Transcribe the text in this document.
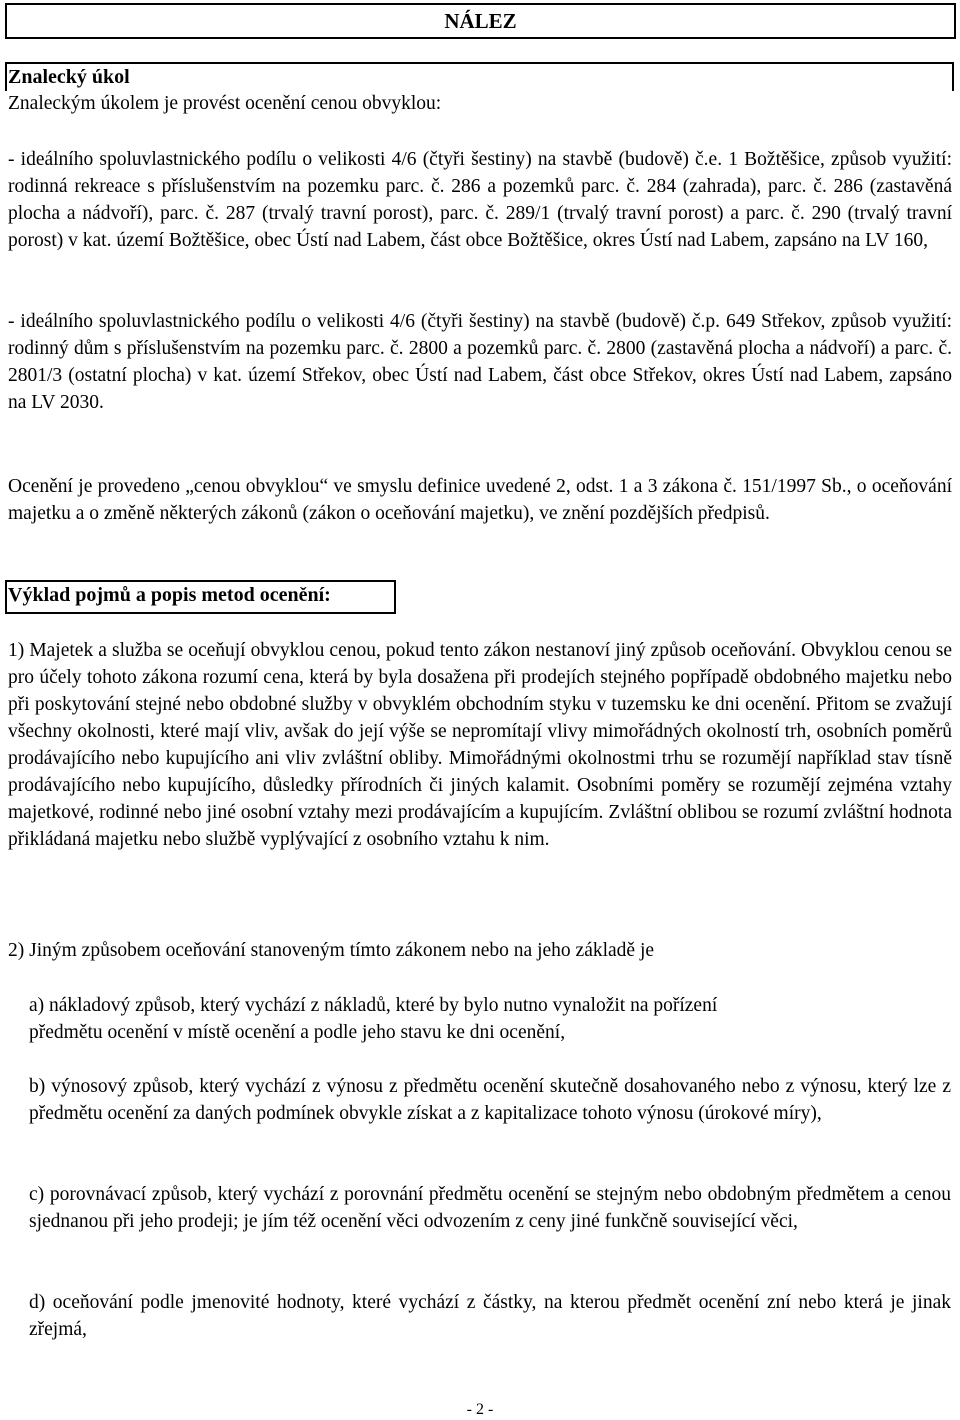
NÁLEZ
Znalecký úkol
Znaleckým úkolem je provést ocenění cenou obvyklou:
- ideálního spoluvlastnického podílu o velikosti 4/6 (čtyři šestiny) na stavbě (budově) č.e. 1 Božtěšice, způsob využití: rodinná rekreace s příslušenstvím na pozemku parc. č. 286 a pozemků parc. č. 284 (zahrada), parc. č. 286 (zastavěná plocha a nádvoří), parc. č. 287 (trvalý travní porost), parc. č. 289/1 (trvalý travní porost) a parc. č. 290 (trvalý travní porost) v kat. území Božtěšice, obec Ústí nad Labem, část obce Božtěšice, okres Ústí nad Labem, zapsáno na LV 160,
- ideálního spoluvlastnického podílu o velikosti 4/6 (čtyři šestiny) na stavbě (budově) č.p. 649 Střekov, způsob využití: rodinný dům s příslušenstvím na pozemku parc. č. 2800 a pozemků parc. č. 2800 (zastavěná plocha a nádvoří) a parc. č. 2801/3 (ostatní plocha) v kat. území Střekov, obec Ústí nad Labem, část obce Střekov, okres Ústí nad Labem, zapsáno na LV 2030.
Ocenění je provedeno „cenou obvyklou“ ve smyslu definice uvedené 2, odst. 1 a 3 zákona č. 151/1997 Sb., o oceňování majetku a o změně některých zákonů (zákon o oceňování majetku), ve znění pozdějších předpisů.
Výklad pojmů a popis metod ocenění:
1) Majetek a služba se oceňují obvyklou cenou, pokud tento zákon nestanoví jiný způsob oceňování. Obvyklou cenou se pro účely tohoto zákona rozumí cena, která by byla dosažena při prodejích stejného popřípadě obdobného majetku nebo při poskytování stejné nebo obdobné služby v obvyklém obchodním styku v tuzemsku ke dni ocenění. Přitom se zvažují všechny okolnosti, které mají vliv, avšak do její výše se nepromítají vlivy mimořádných okolností trh, osobních poměrů prodávajícího nebo kupujícího ani vliv zvláštní obliby. Mimořádnými okolnostmi trhu se rozumějí například stav tísně prodávajícího nebo kupujícího, důsledky přírodních či jiných kalamit. Osobními poměry se rozumějí zejména vztahy majetkové, rodinné nebo jiné osobní vztahy mezi prodávajícím a kupujícím. Zvláštní oblibou se rozumí zvláštní hodnota přikládaná majetku nebo službě vyplývající z osobního vztahu k nim.
2) Jiným způsobem oceňování stanoveným tímto zákonem nebo na jeho základě je
a) nákladový způsob, který vychází z nákladů, které by bylo nutno vynaložit na pořízení
předmětu ocenění v místě ocenění a podle jeho stavu ke dni ocenění,
b) výnosový způsob, který vychází z výnosu z předmětu ocenění skutečně dosahovaného nebo z výnosu, který lze z předmětu ocenění za daných podmínek obvykle získat a z kapitalizace tohoto výnosu (úrokové míry),
c) porovnávací způsob, který vychází z porovnání předmětu ocenění se stejným nebo obdobným předmětem a cenou sjednanou při jeho prodeji; je jím též ocenění věci odvozením z ceny jiné funkčně související věci,
d) oceňování podle jmenovité hodnoty, které vychází z částky, na kterou předmět ocenění zní nebo která je jinak zřejmá,
- 2 -
